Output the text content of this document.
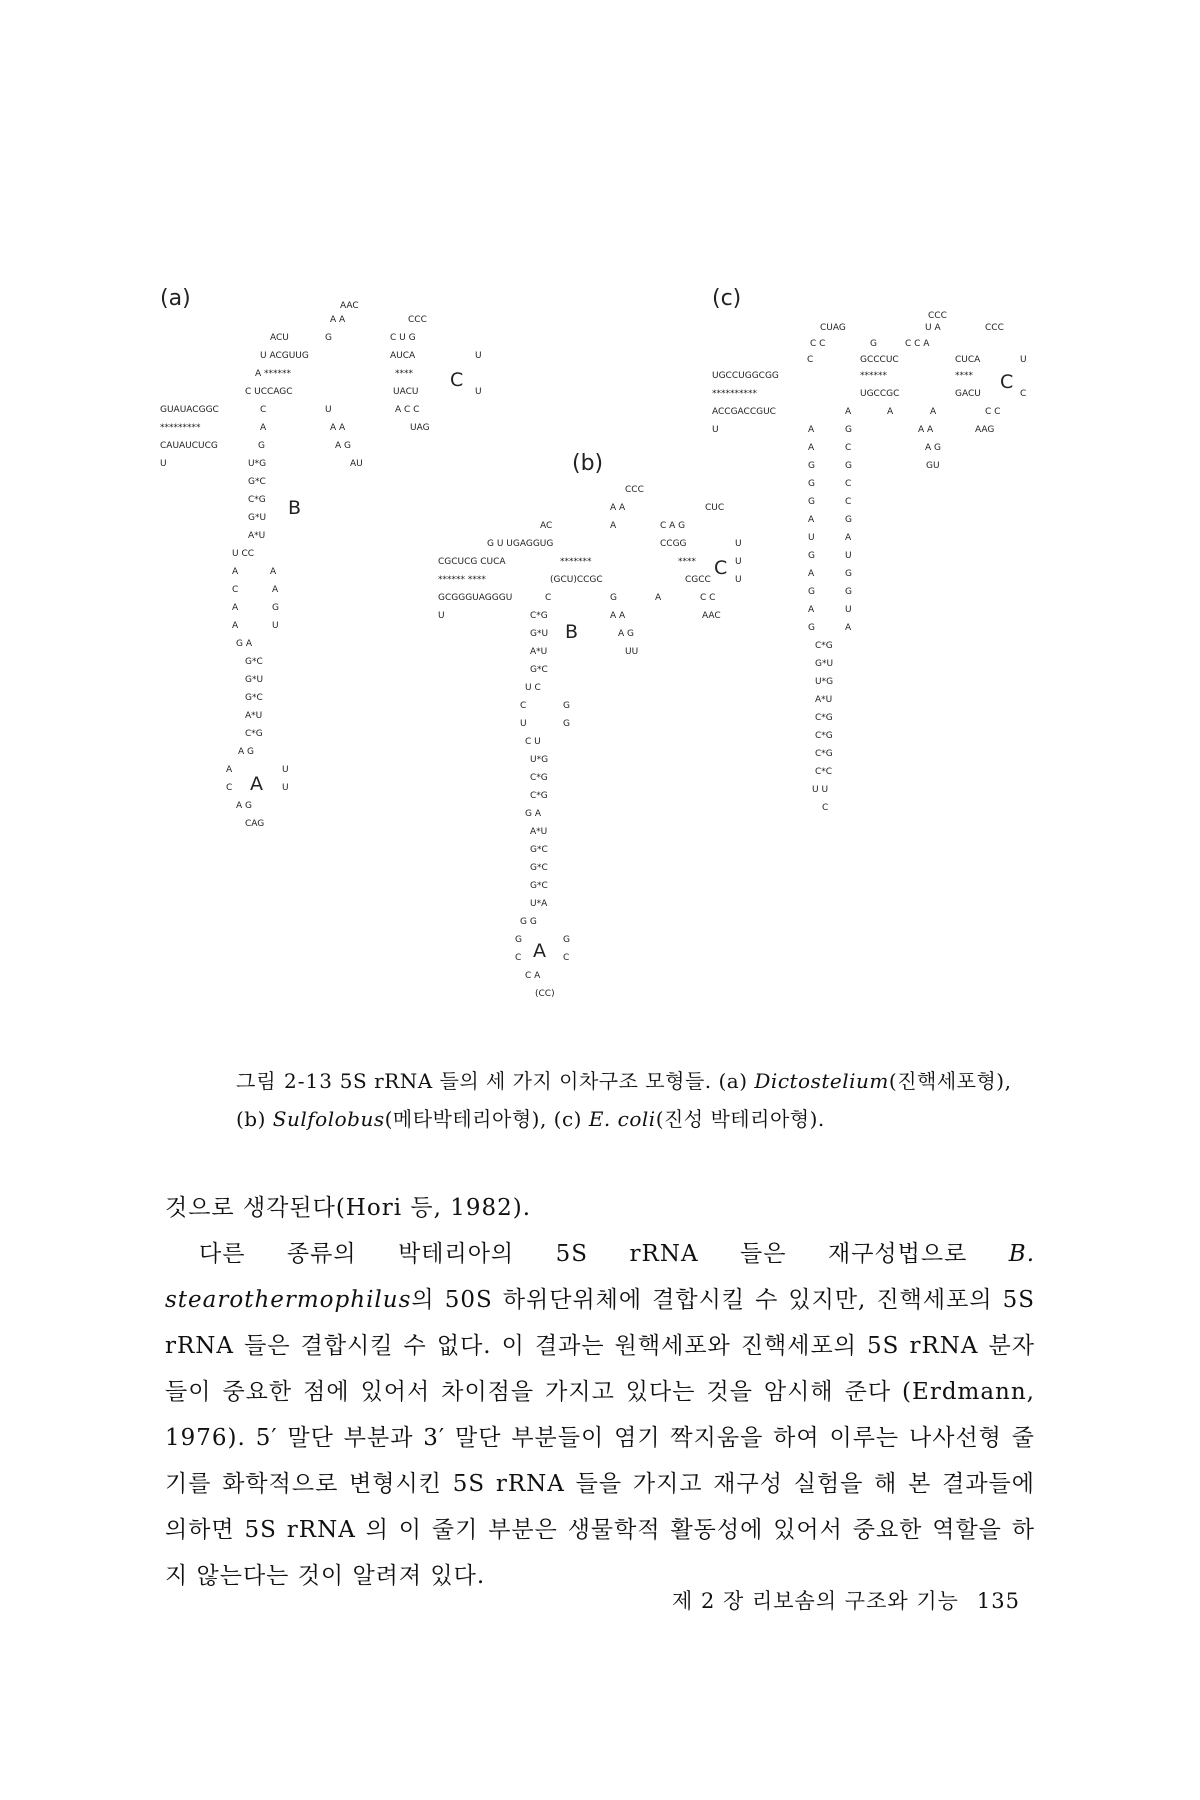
(a)	AAC
A A	CCC
ACU	G	C U G
U ACGUUG	AUCA	U
A ******	****
C UCCAGC	UACU	U
GUAUACGGC	C	U	A C C
*********	A	A A	UAG
CAUAUCUCG	G	A G
U	U*G	AU
G*C
C*G
G*U
A*U
U CC
A	A
C	A
A	G
A	U
G A
G*C
G*U
G*C
A*U
C*G
A G
A	U
C	U
A G
CAG
B
C
A
(b)
CCC
A A	CUC
AC	A	C A G
G U UGAGGUG	CCGG	U
CGCUCG CUCA	*******	****	U
****** ****	(GCU)CCGC	CGCC	U
GCGGGUAGGGU	C	G	A	C C
U	C*G	A A	AAC
G*U	A G
A*U	UU
G*C
U C
C	G
U	G
C U
U*G
C*G
C*G
G A
A*U
G*C
G*C
G*C
U*A
G G
G	G
C	C
C A
(CC)
B
C
A
(c)
CCC
CUAG	U A	CCC
C C	G	C C A
C	GCCCUC	CUCA	U
UGCCUGGCGG	******	****
**********	UGCCGC	GACU	C
ACCGACCGUC	A	A	A	C C
U	A	G	A A	AAG
A	C	A G
G	G	GU
G	C
G	C
A	G
U	A
G	U
A	G
G	G
A	U
G	A
C*G
G*U
U*G
A*U
C*G
C*G
C*G
C*C
U U
C
C
그림 2-13 5S rRNA 들의 세 가지 이차구조 모형들. (a) Dictostelium(진핵세포형), (b) Sulfolobus(메타박테리아형), (c) E. coli(진성 박테리아형).

것으로 생각된다(Hori 등, 1982).

다른 종류의 박테리아의 5S rRNA 들은 재구성법으로 B. stearothermophilus의 50S 하위단위체에 결합시킬 수 있지만, 진핵세포의 5S rRNA 들은 결합시킬 수 없다. 이 결과는 원핵세포와 진핵세포의 5S rRNA 분자들이 중요한 점에 있어서 차이점을 가지고 있다는 것을 암시해 준다 (Erdmann, 1976). 5′ 말단 부분과 3′ 말단 부분들이 염기 짝지움을 하여 이루는 나사선형 줄기를 화학적으로 변형시킨 5S rRNA 들을 가지고 재구성 실험을 해 본 결과들에 의하면 5S rRNA 의 이 줄기 부분은 생물학적 활동성에 있어서 중요한 역할을 하지 않는다는 것이 알려져 있다.

제 2 장 리보솜의 구조와 기능 135
